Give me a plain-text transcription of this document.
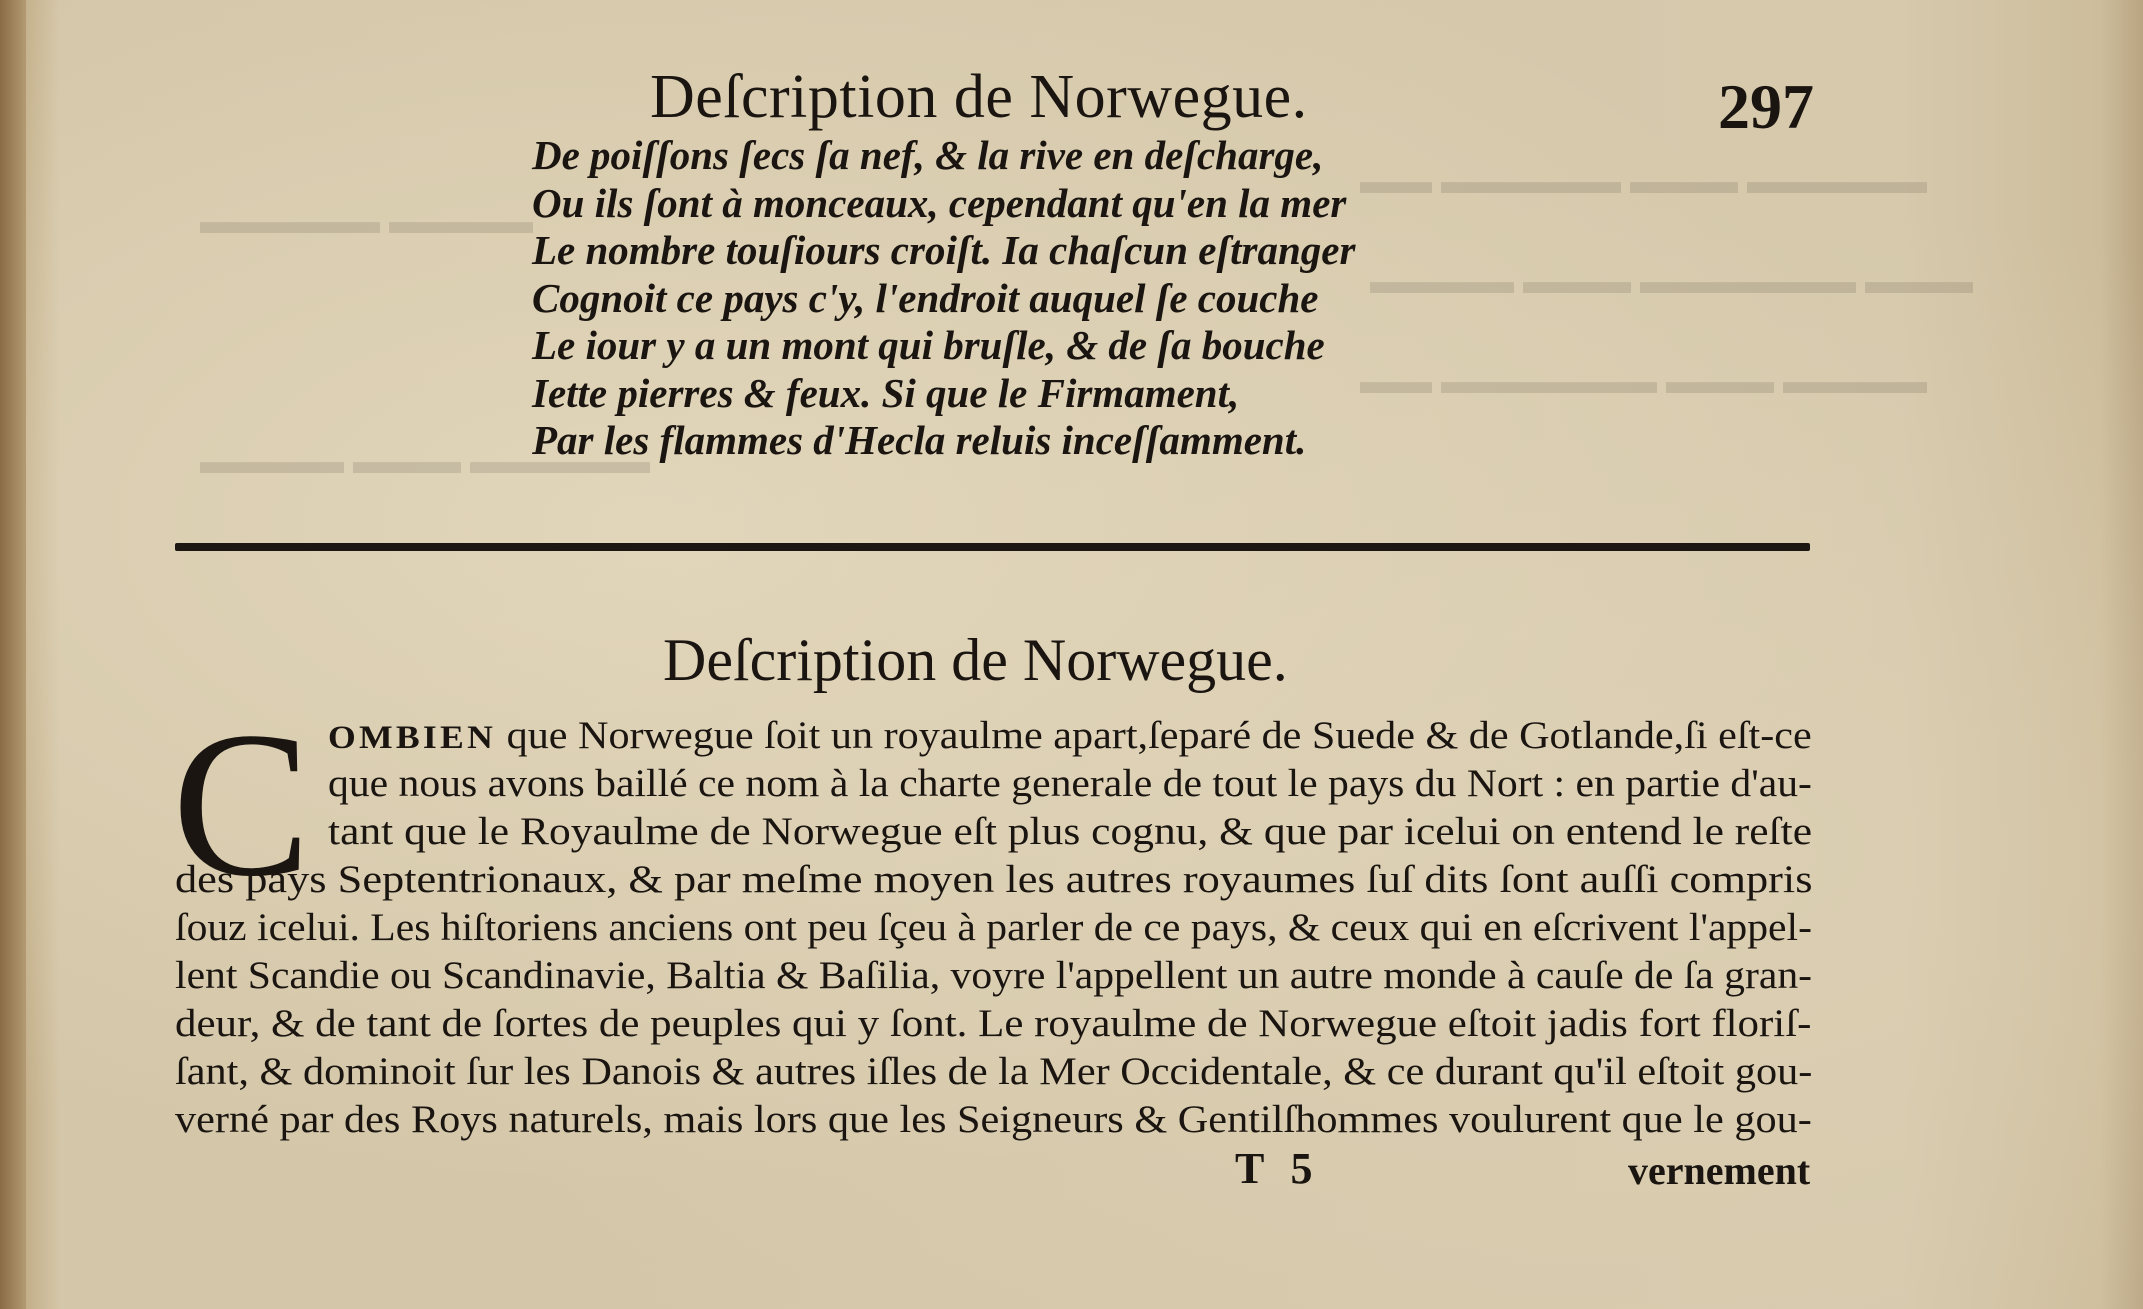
▬▬▬▬▬ ▬▬▬ ▬▬▬▬▬ ▬▬
▬▬▬ ▬▬▬▬▬▬ ▬▬▬ ▬▬▬▬
▬▬▬▬ ▬▬▬ ▬▬▬▬▬▬ ▬▬
▬▬▬▬ ▬▬▬▬▬
▬▬▬▬▬ ▬▬▬ ▬▬▬▬
Deſcription de Norwegue.	297
De poiſſons ſecs ſa nef, & la rive en deſcharge,
Ou ils ſont à monceaux, cependant qu'en la mer
Le nombre touſiours croiſt. Ia chaſcun eſtranger
Cognoit ce pays c'y, l'endroit auquel ſe couche
Le iour y a un mont qui bruſle, & de ſa bouche
Iette pierres & feux. Si que le Firmament,
Par les flammes d'Hecla reluis inceſſamment.
Deſcription de Norwegue.
C OMBIEN que Norwegue ſoit un royaulme apart,ſeparé de Suede & de Gotlande,ſi eſt-ce
que nous avons baillé ce nom à la charte generale de tout le pays du Nort : en partie d'au-
tant que le Royaulme de Norwegue eſt plus cognu, & que par icelui on entend le reſte
des pays Septentrionaux, & par meſme moyen les autres royaumes ſuſ dits ſont auſſi compris
ſouz icelui. Les hiſtoriens anciens ont peu ſçeu à parler de ce pays, & ceux qui en eſcrivent l'appel-
lent Scandie ou Scandinavie, Baltia & Baſilia, voyre l'appellent un autre monde à cauſe de ſa gran-
deur, & de tant de ſortes de peuples qui y ſont. Le royaulme de Norwegue eſtoit jadis fort floriſ-
ſant, & dominoit ſur les Danois & autres iſles de la Mer Occidentale, & ce durant qu'il eſtoit gou-
verné par des Roys naturels, mais lors que les Seigneurs & Gentilſhommes voulurent que le gou-
T 5	vernement
